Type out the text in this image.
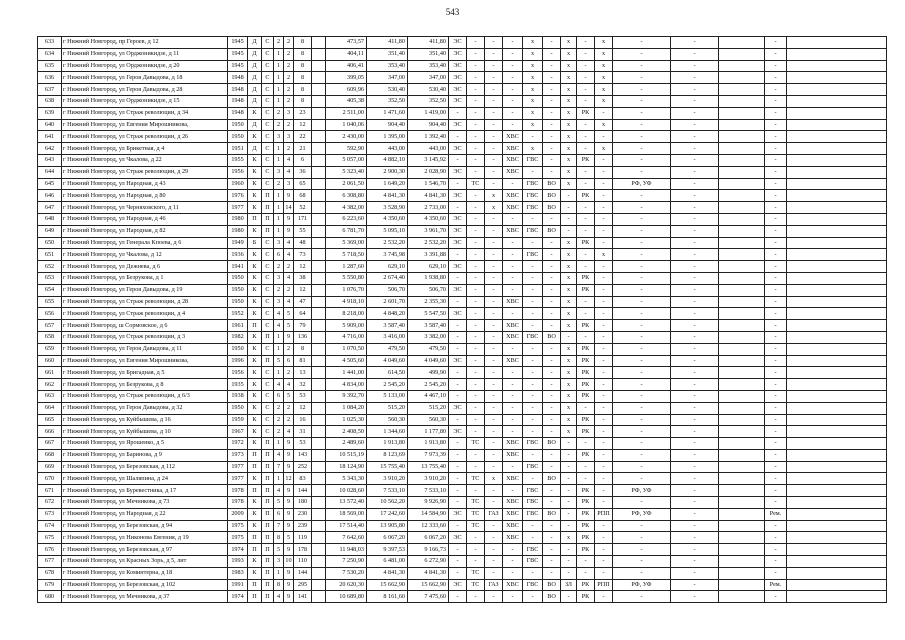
543
633	г Нижний Новгород, пр Героев, д 12	1945	Д	С	2	2	8		473,57	411,80	411,80	ЭС	-	-	-	х	-	х	-	х	-	-		-	
634	г Нижний Новгород, ул Орджоникидзе, д 11	1945	Д	С	1	2	8		404,11	351,40	351,40	ЭС	-	-	-	х	-	х	-	х	-	-		-	
635	г Нижний Новгород, ул Орджоникидзе, д 20	1945	Д	С	1	2	8		406,41	353,40	353,40	ЭС	-	-	-	х	-	х	-	х	-	-		-	
636	г Нижний Новгород, ул Героя Давыдова, д 18	1948	Д	С	1	2	8		399,05	347,00	347,00	ЭС	-	-	-	х	-	х	-	х	-	-		-	
637	г Нижний Новгород, ул Героя Давыдова, д 28	1948	Д	С	1	2	8		609,96	530,40	530,40	ЭС	-	-	-	х	-	х	-	х	-	-		-	
638	г Нижний Новгород, ул Орджоникидзе, д 15	1948	Д	С	1	2	8		405,38	352,50	352,50	ЭС	-	-	-	х	-	х	-	х	-	-		-	
639	г Нижний Новгород, ул Страж революции, д 34	1948	К	С	2	3	23		2 511,00	1 471,60	1 419,00	-	-	-	-	х	-	х	РК	-	-	-		-	
640	г Нижний Новгород, ул Евгения Мирошникова,	1950	Д	С	2	2	12		1 040,06	904,40	904,40	ЭС	-	-	-	х	-	х	-	х	-	-		-	
641	г Нижний Новгород, ул Страж революции, д 26	1950	К	С	3	3	22		2 430,00	1 395,00	1 392,40	-	-	-	ХВС	-	-	х	-	-	-	-		-	
642	г Нижний Новгород, ул Брикетная, д 4	1951	Д	С	1	2	21		592,90	443,00	443,00	ЭС	-	-	ХВС	х	-	х	-	х	-	-		-	
643	г Нижний Новгород, ул Чкалова, д 22	1955	К	С	1	4	6		5 057,00	4 882,10	3 145,92	-	-	-	ХВС	ГВС	-	х	РК	-	-	-		-	
644	г Нижний Новгород, ул Страж революции, д 29	1956	К	С	3	4	36		5 323,40	2 900,30	2 028,90	ЭС	-	-	ХВС	-	-	х	-	-	-	-		-	
645	г Нижний Новгород, ул Народная, д 43	1960	К	С	2	3	65		2 061,50	1 649,20	1 546,70	-	ТС	-	-	ГВС	ВО	х	-	-	РФ, УФ	-		-	
646	г Нижний Новгород, ул Народная, д 80	1976	К	П	1	9	68		6 308,80	4 841,30	4 841,30	ЭС	-	х	ХВС	ГВС	ВО	-	РК	-	-	-		-	
647	г Нижний Новгород, ул Черняховского, д 11	1977	К	П	1	14	52		4 382,00	3 528,90	2 733,00	-	-	х	ХВС	ГВС	ВО	-	-	-	-	-		-	
648	г Нижний Новгород, ул Народная, д 46	1980	П	П	1	9	171		6 223,60	4 350,60	4 350,60	ЭС	-	-	-	-	-	-	-	-	-	-		-	
649	г Нижний Новгород, ул Народная, д 82	1980	К	П	1	9	55		6 781,70	5 095,10	3 961,70	ЭС	-	-	ХВС	ГВС	ВО	-	-	-	-	-		-	
650	г Нижний Новгород, ул Генерала Кпоева, д 6	1949	Б	С	3	4	48		5 369,00	2 532,20	2 532,20	ЭС	-	-	-	-	-	х	РК	-	-	-		-	
651	г Нижний Новгород, ул Чкалова, д 12	1936	К	С	6	4	73		5 718,50	3 745,98	3 391,88	-	-	-	-	ГВС	-	х	-	х	-	-		-	
652	г Нижний Новгород, ул Дежнева, д 6	1941	К	С	2	2	12		1 287,60	629,10	629,10	ЭС	-	-	-	-	-	х	-	-	-	-		-	
653	г Нижний Новгород, ул Безрукова, д 1	1950	К	С	3	4	38		5 550,80	2 674,40	1 938,80	-	-	-	-	-	-	х	РК	-	-	-		-	
654	г Нижний Новгород, ул Героя Давыдова, д 19	1950	К	С	2	2	12		1 076,70	506,70	506,70	ЭС	-	-	-	-	-	х	РК	-	-	-		-	
655	г Нижний Новгород, ул Страж революции, д 28	1950	К	С	3	4	47		4 918,10	2 601,70	2 355,30	-	-	-	ХВС	-	-	х	-	-	-	-		-	
656	г Нижний Новгород, ул Страж революции, д 4	1952	К	С	4	5	64		8 218,00	4 848,20	5 547,50	ЭС	-	-	-	-	-	х	-	-	-	-		-	
657	г Нижний Новгород, ш Сормовское, д 6	1961	П	С	4	5	79		5 909,00	3 587,40	3 587,40	-	-	-	ХВС	-	-	х	РК	-	-	-		-	
658	г Нижний Новгород, ул Страж революции, д 3	1982	К	П	1	9	136		4 716,00	3 416,00	3 382,00	-	-	-	ХВС	ГВС	ВО	-	-	-	-	-		-	
659	г Нижний Новгород, ул Героя Давыдова, д 11	1950	К	С	1	2	8		1 070,50	479,50	479,50	-	-	-	-	-	-	х	РК	-	-	-		-	
660	г Нижний Новгород, ул Евгения Мирошникова,	1996	К	П	5	6	81		4 505,60	4 049,60	4 049,60	ЭС	-	-	ХВС	-	-	х	РК	-	-	-		-	
661	г Нижний Новгород, ул Бригадная, д 5	1956	К	С	1	2	13		1 441,00	614,50	499,90	-	-	-	-	-	-	х	РК	-	-	-		-	
662	г Нижний Новгород, ул Безрукова, д 8	1935	К	С	4	4	32		4 834,00	2 545,20	2 545,20	-	-	-	-	-	-	х	РК	-	-	-		-	
663	г Нижний Новгород, ул Страж революции, д 6/3	1938	К	С	6	5	53		9 392,70	5 133,00	4 467,10	-	-	-	-	-	-	х	РК	-	-	-		-	
664	г Нижний Новгород, ул Героя Давыдова, д 32	1950	К	С	2	2	12		1 084,20	515,20	515,20	ЭС	-	-	-	-	-	х	-	-	-	-		-	
665	г Нижний Новгород, ул Куйбышева, д 16	1959	К	С	2	2	16		1 025,30	560,30	560,30	-	-	-	-	-	-	х	РК	-	-	-		-	
666	г Нижний Новгород, ул Куйбышева, д 10	1967	К	С	2	4	31		2 408,50	1 344,60	1 177,80	ЭС	-	-	-	-	-	х	РК	-	-	-		-	
667	г Нижний Новгород, ул Ярошенко, д 5	1972	К	П	1	9	53		2 489,60	1 913,80	1 913,80	-	ТС	-	ХВС	ГВС	ВО	-	-	-	-	-		-	
668	г Нижний Новгород, ул Баринова, д 9	1973	П	П	4	9	143		10 515,19	8 123,69	7 973,39	-	-	-	ХВС	-	-	-	РК	-	-	-		-	
669	г Нижний Новгород, ул Березовская, д 112	1977	П	П	7	9	252		18 124,90	15 755,40	13 755,40	-	-	-	-	ГВС	-	-	-	-	-	-		-	
670	г Нижний Новгород, ул Шаляпина, д 24	1977	К	П	1	12	83		5 343,30	3 910,20	3 910,20	-	ТС	х	ХВС	-	ВО	-	-	-	-	-		-	
671	г Нижний Новгород, ул Буревестника, д 17	1978	П	П	4	9	144		10 028,60	7 533,10	7 533,10	-	-	-	-	ГВС	-	-	РК	-	РФ, УФ	-		-	
672	г Нижний Новгород, ул Мечникова, д 73	1978	К	П	5	9	180		13 572,40	10 562,20	9 926,90	-	ТС	-	ХВС	ГВС	-	-	РК	-	-	-		-	
673	г Нижний Новгород, ул Народная, д 22	2009	К	П	6	9	230		18 569,00	17 242,60	14 584,90	ЭС	ТС	ГАЗ	ХВС	ГВС	ВО	-	РК	РПП	РФ, УФ	-		Рем.	
674	г Нижний Новгород, ул Березовская, д 94	1975	К	П	7	9	239		17 514,40	13 905,80	12 333,60	-	ТС	-	ХВС	-	-	-	РК	-	-	-		-	
675	г Нижний Новгород, ул Никонова Евгения, д 19	1975	П	П	8	5	119		7 642,60	6 067,20	6 067,20	ЭС	-	-	ХВС	-	-	х	РК	-	-	-		-	
676	г Нижний Новгород, ул Березовская, д 97	1974	П	П	5	9	178		11 948,03	9 397,53	9 166,73	-	-	-	-	ГВС	-	-	РК	-	-	-		-	
677	г Нижний Новгород, ул Красных Зорь, д 5, лит	1993	К	П	3	10	110		7 250,90	6 481,00	6 272,90	-	-	-	-	ГВС	-	-	-	-	-	-		-	
678	г Нижний Новгород, ул Коминтерна, д 18	1983	К	П	1	9	144		7 530,20	4 841,30	4 841,30	-	ТС	-	-	-	-	-	-	-	-	-		-	
679	г Нижний Новгород, ул Березовская, д 102	1991	П	П	8	9	295		20 620,30	15 662,90	15 662,90	ЭС	ТС	ГАЗ	ХВС	ГВС	ВО	ЗЛ	РК	РПП	РФ, УФ	-		Рем.	
680	г Нижний Новгород, ул Мечникова, д 37	1974	П	П	4	9	141		10 689,80	8 161,60	7 475,60	-	-	-	-	-	ВО	-	РК	-	-	-		-	
